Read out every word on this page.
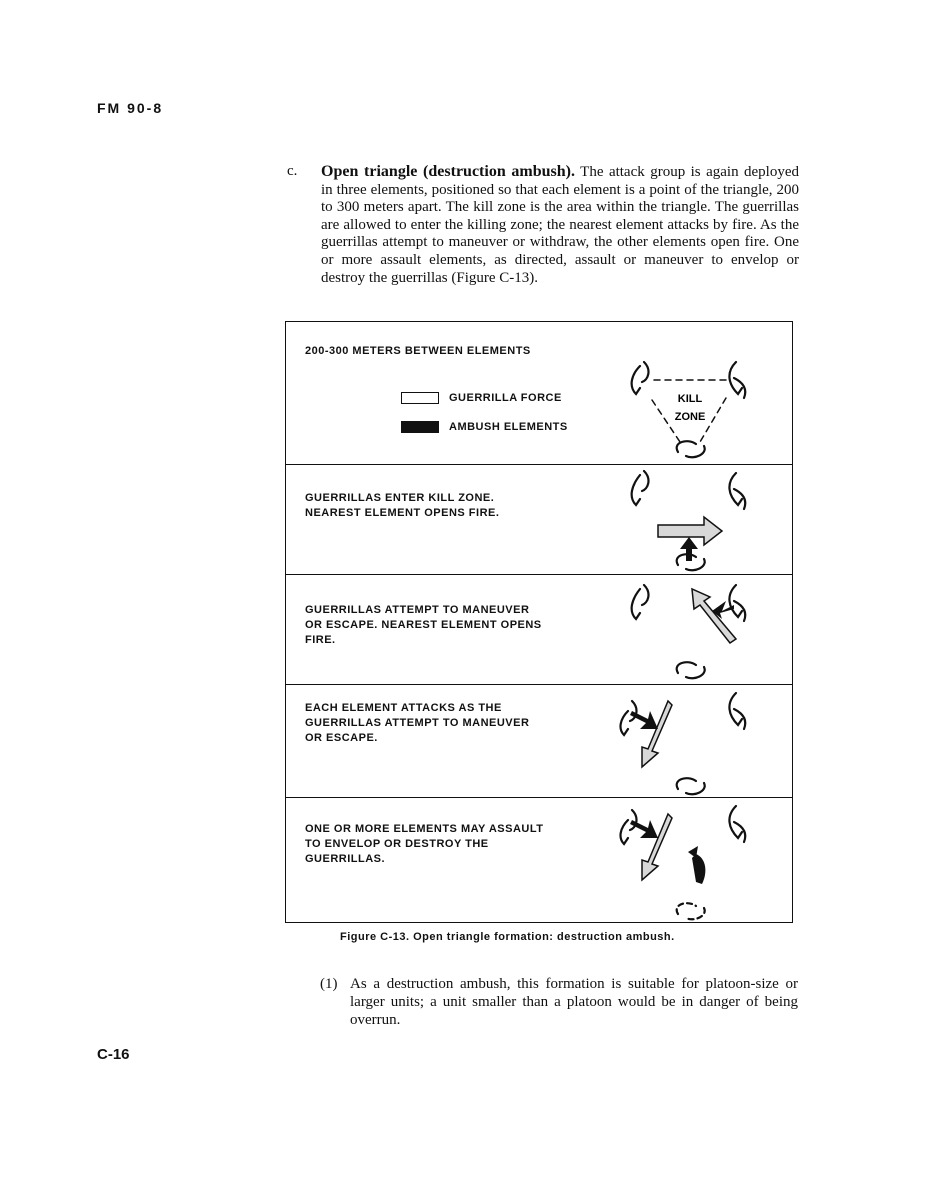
FM 90-8
c. Open triangle (destruction ambush). The attack group is again deployed in three elements, positioned so that each element is a point of the triangle, 200 to 300 meters apart. The kill zone is the area within the triangle. The guerrillas are allowed to enter the killing zone; the nearest element attacks by fire. As the guerrillas attempt to maneuver or withdraw, the other elements open fire. One or more assault elements, as directed, assault or maneuver to envelop or destroy the guerrillas (Figure C-13).
200-300 METERS BETWEEN ELEMENTS
GUERRILLA FORCE
AMBUSH ELEMENTS
KILL
ZONE
GUERRILLAS ENTER KILL ZONE. NEAREST ELEMENT OPENS FIRE.
GUERRILLAS ATTEMPT TO MANEUVER OR ESCAPE. NEAREST ELEMENT OPENS FIRE.
EACH ELEMENT ATTACKS AS THE GUERRILLAS ATTEMPT TO MANEUVER OR ESCAPE.
ONE OR MORE ELEMENTS MAY ASSAULT TO ENVELOP OR DESTROY THE GUERRILLAS.
Figure C-13. Open triangle formation: destruction ambush.
(1) As a destruction ambush, this formation is suitable for platoon-size or larger units; a unit smaller than a platoon would be in danger of being overrun.
C-16
